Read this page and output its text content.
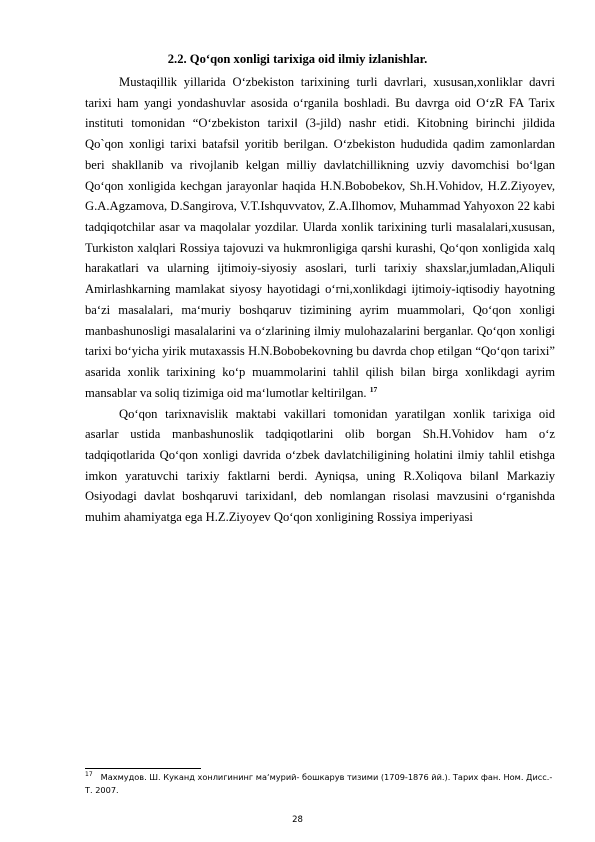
2.2. Qo‘qon xonligi tarixiga oid ilmiy izlanishlar.

Mustaqillik yillarida O‘zbekiston tarixining turli davrlari, xususan,xonliklar davri tarixi ham yangi yondashuvlar asosida o‘rganila boshladi. Bu davrga oid O‘zR FA Tarix instituti tomonidan “O‘zbekiston tarixi‖ (3-jild) nashr etidi. Kitobning birinchi jildida Qo`qon xonligi tarixi batafsil yoritib berilgan. O‘zbekiston hududida qadim zamonlardan beri shakllanib va rivojlanib kelgan milliy davlatchillikning uzviy davomchisi bo‘lgan Qo‘qon xonligida kechgan jarayonlar haqida H.N.Bobobekov, Sh.H.Vohidov, H.Z.Ziyoyev, G.A.Agzamova, D.Sangirova, V.T.Ishquvvatov, Z.A.Ilhomov, Muhammad Yahyoxon 22 kabi tadqiqotchilar asar va maqolalar yozdilar. Ularda xonlik tarixining turli masalalari,xususan, Turkiston xalqlari Rossiya tajovuzi va hukmronligiga qarshi kurashi, Qo‘qon xonligida xalq harakatlari va ularning ijtimoiy-siyosiy asoslari, turli tarixiy shaxslar,jumladan,Aliquli Amirlashkarning mamlakat siyosy hayotidagi o‘rni,xonlikdagi ijtimoiy-iqtisodiy hayotning ba‘zi masalalari, ma‘muriy boshqaruv tizimining ayrim muammolari, Qo‘qon xonligi manbashunosligi masalalarini va o‘zlarining ilmiy mulohazalarini berganlar. Qo‘qon xonligi tarixi bo‘yicha yirik mutaxassis H.N.Bobobekovning bu davrda chop etilgan “Qo‘qon tarixi” asarida xonlik tarixining ko‘p muammolarini tahlil qilish bilan birga xonlikdagi ayrim mansablar va soliq tizimiga oid ma‘lumotlar keltirilgan. $^{17}$

Qo‘qon tarixnavislik maktabi vakillari tomonidan yaratilgan xonlik tarixiga oid asarlar ustida manbashunoslik tadqiqotlarini olib borgan Sh.H.Vohidov ham o‘z tadqiqotlarida Qo‘qon xonligi davrida o‘zbek davlatchiligining holatini ilmiy tahlil etishga imkon yaratuvchi tarixiy faktlarni berdi. Ayniqsa, uning R.Xoliqova bilan‖ Markaziy Osiyodagi davlat boshqaruvi tarixidan‖, deb nomlangan risolasi mavzusini o‘rganishda muhim ahamiyatga ega H.Z.Ziyoyev Qo‘qon xonligining Rossiya imperiyasi

$^{17}$ Махмудов. Ш. Куканд хонлигининг ма‘мурий- бошкарув тизими (1709-1876 йй.). Тарих фан. Ном. Дисс.- Т. 2007.
28
